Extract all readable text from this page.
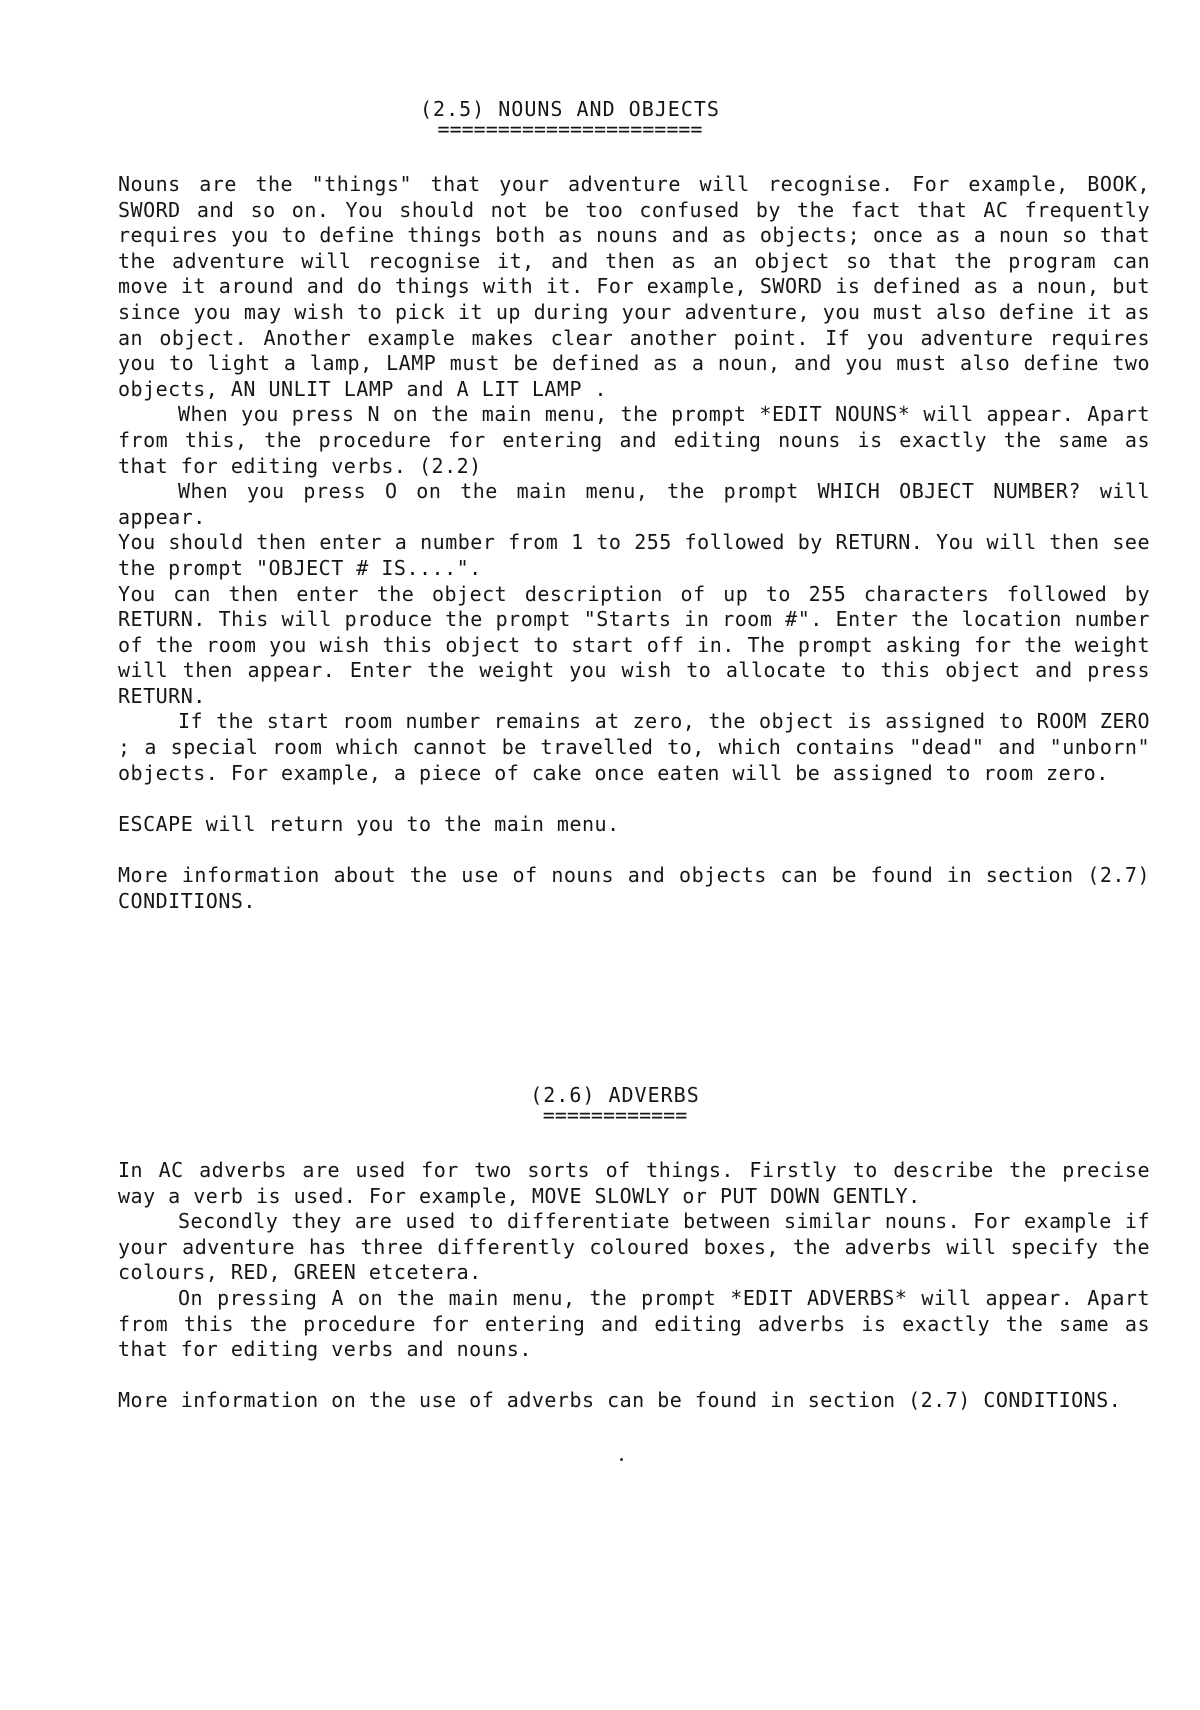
(2.5) NOUNS AND OBJECTS
======================

Nouns are the "things" that your adventure will recognise. For example, BOOK, SWORD and so on. You should not be too confused by the fact that AC frequently requires you to define things both as nouns and as objects; once as a noun so that the adventure will recognise it, and then as an object so that the program can move it around and do things with it. For example, SWORD is defined as a noun, but since you may wish to pick it up during your adventure, you must also define it as an object. Another example makes clear another point. If you adventure requires you to light a lamp, LAMP must be defined as a noun, and you must also define two objects, AN UNLIT LAMP and A LIT LAMP .

When you press N on the main menu, the prompt *EDIT NOUNS* will appear. Apart from this, the procedure for entering and editing nouns is exactly the same as that for editing verbs. (2.2)

When you press O on the main menu, the prompt WHICH OBJECT NUMBER? will appear.

You should then enter a number from 1 to 255 followed by RETURN. You will then see the prompt "OBJECT # IS....".

You can then enter the object description of up to 255 characters followed by RETURN. This will produce the prompt "Starts in room #". Enter the location number of the room you wish this object to start off in. The prompt asking for the weight will then appear. Enter the weight you wish to allocate to this object and press RETURN.

If the start room number remains at zero, the object is assigned to ROOM ZERO ; a special room which cannot be travelled to, which contains "dead" and "unborn" objects. For example, a piece of cake once eaten will be assigned to room zero.

ESCAPE will return you to the main menu.

More information about the use of nouns and objects can be found in section (2.7) CONDITIONS.

(2.6) ADVERBS
============

In AC adverbs are used for two sorts of things. Firstly to describe the precise way a verb is used. For example, MOVE SLOWLY or PUT DOWN GENTLY.

Secondly they are used to differentiate between similar nouns. For example if your adventure has three differently coloured boxes, the adverbs will specify the colours, RED, GREEN etcetera.

On pressing A on the main menu, the prompt *EDIT ADVERBS* will appear. Apart from this the procedure for entering and editing adverbs is exactly the same as that for editing verbs and nouns.

More information on the use of adverbs can be found in section (2.7) CONDITIONS.
